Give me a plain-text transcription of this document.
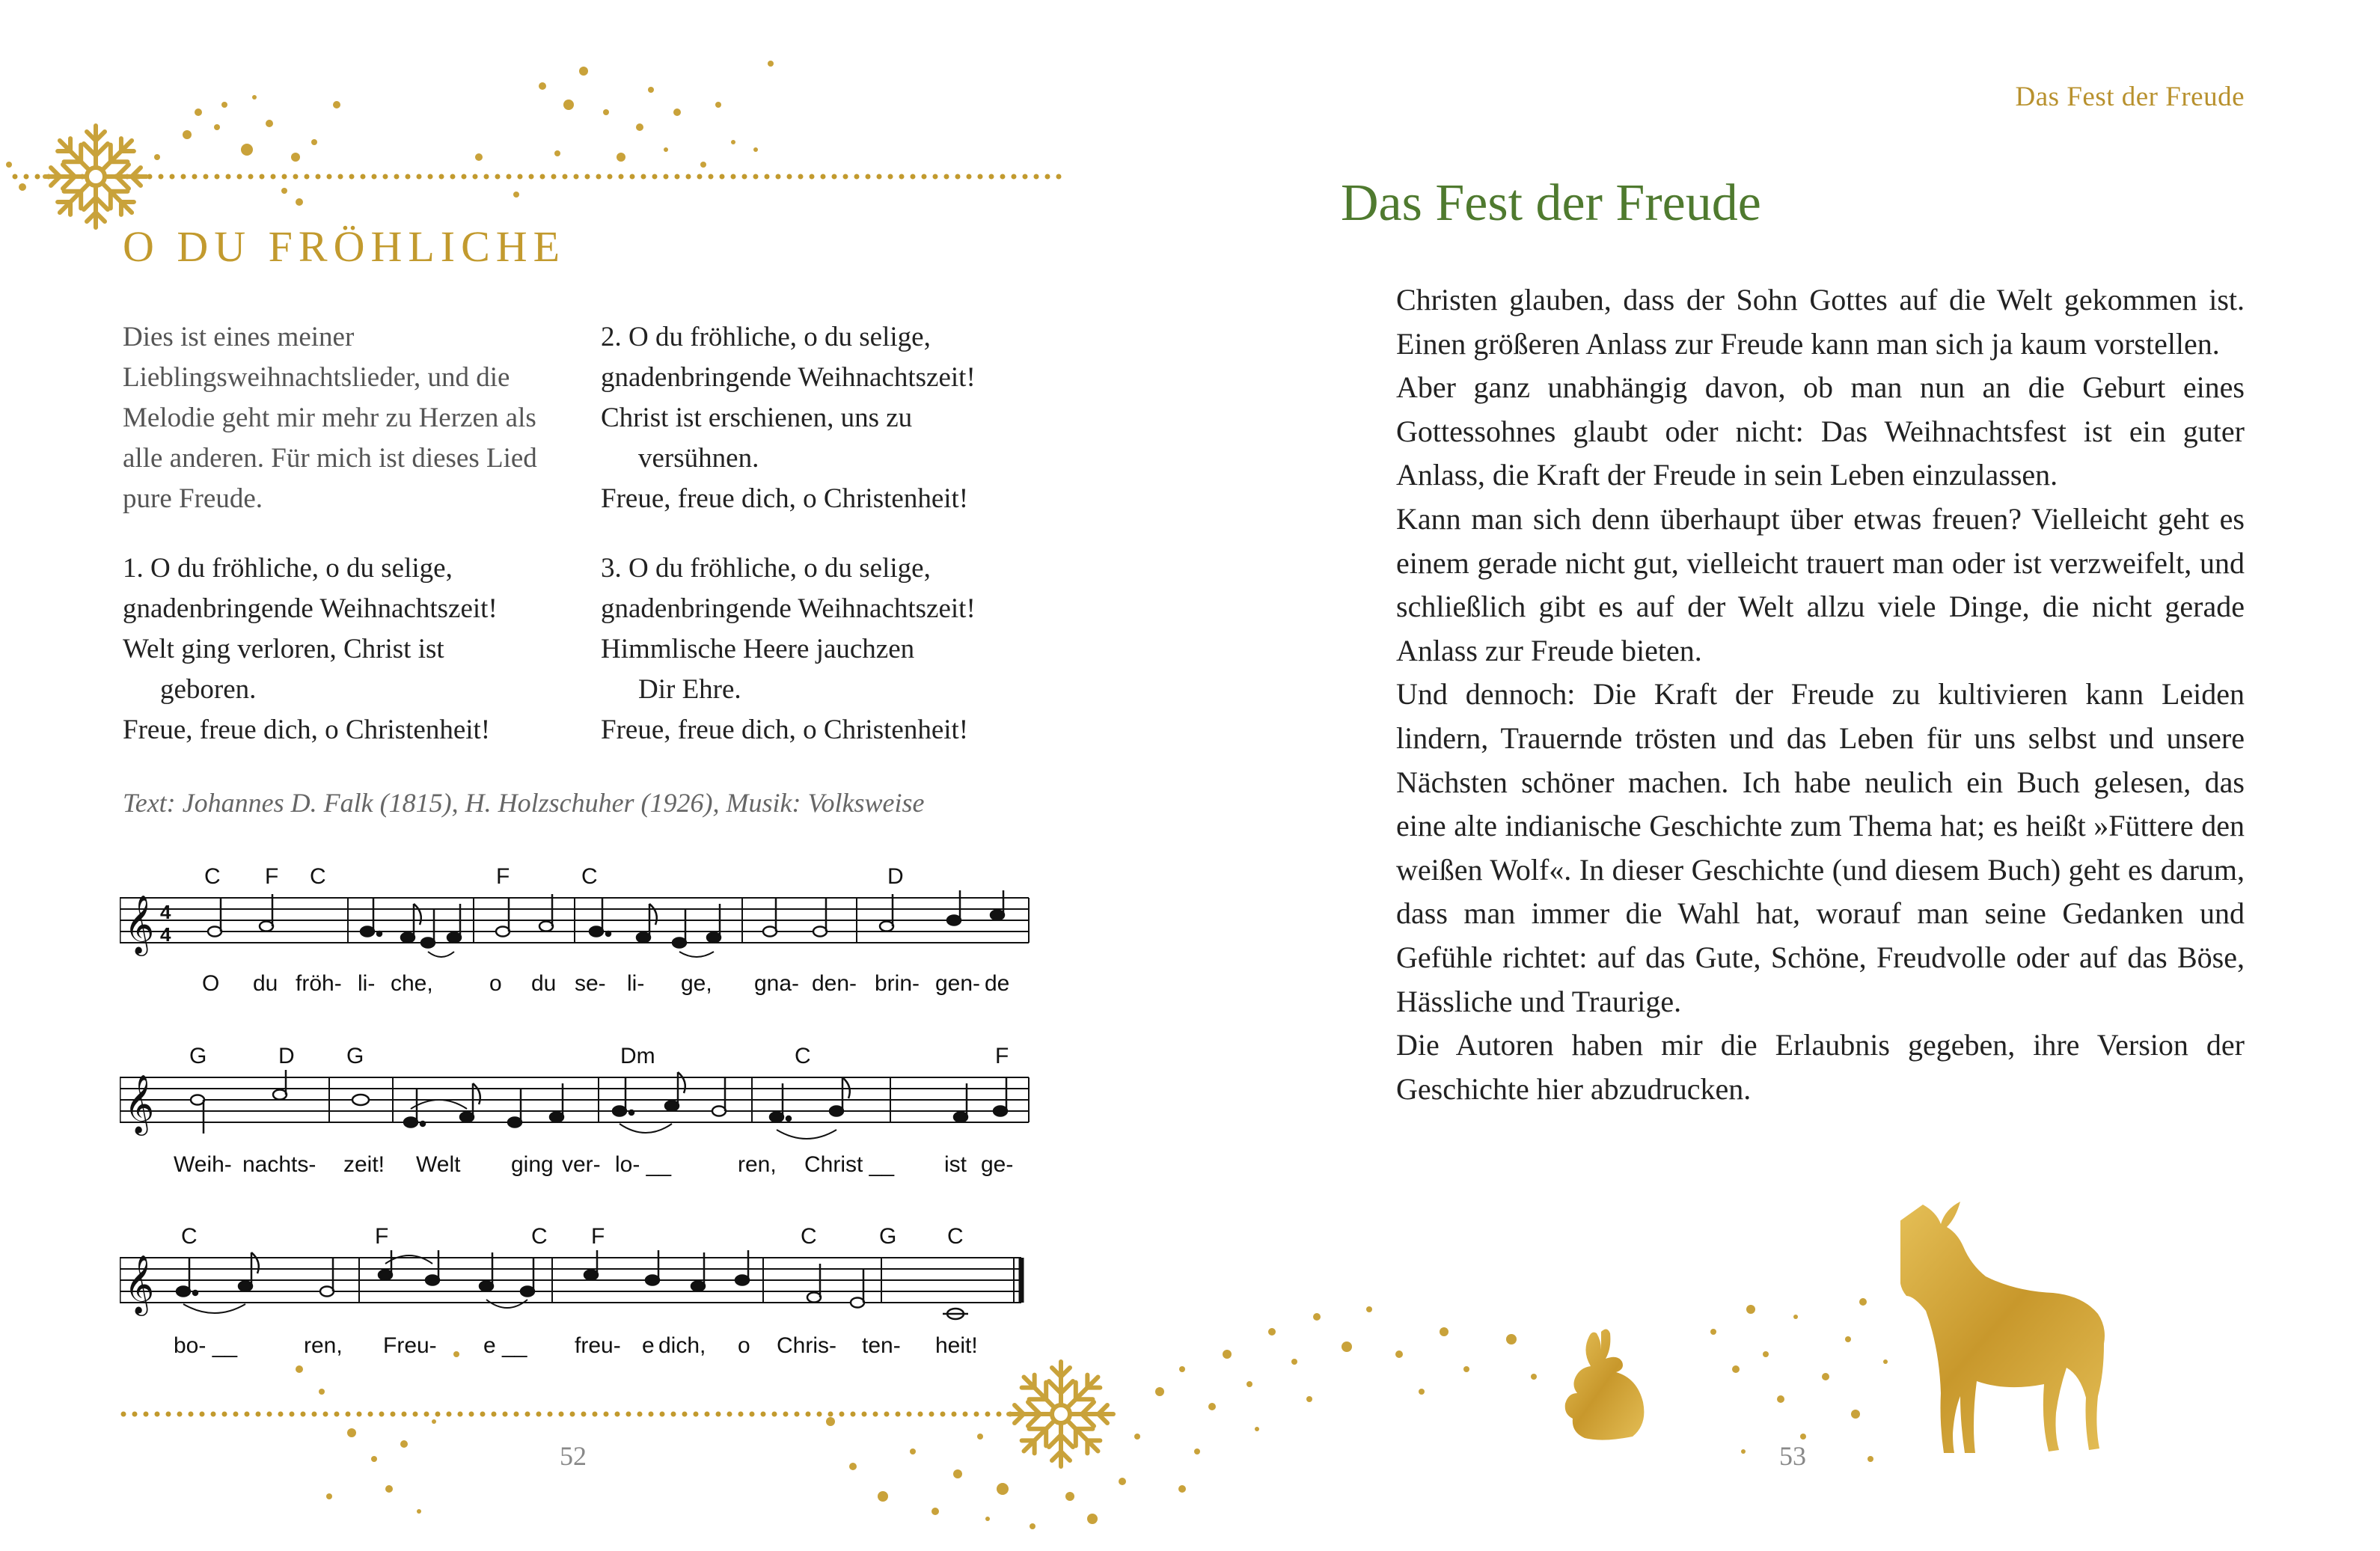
O DU FRÖHLICHE
Dies ist eines meiner Lieblingsweihnachtslieder, und die Melodie geht mir mehr zu Herzen als alle anderen. Für mich ist dieses Lied pure Freude.
2. O du fröhliche, o du selige,
gnadenbringende Weihnachtszeit!
Christ ist erschienen, uns zu
versühnen.
Freue, freue dich, o Christenheit!
1. O du fröhliche, o du selige,
gnadenbringende Weihnachtszeit!
Welt ging verloren, Christ ist
geboren.
Freue, freue dich, o Christenheit!
3. O du fröhliche, o du selige,
gnadenbringende Weihnachtszeit!
Himmlische Heere jauchzen
Dir Ehre.
Freue, freue dich, o Christenheit!
Text: Johannes D. Falk (1815), H. Holzschuher (1926), Musik: Volksweise
C F C	F	C	D
𝄞 4
4
O du fröh- li- che,	o du se- li- ge, gna- den- brin- gen- de
G	D G	Dm	C	F
𝄞
Weih- nachts- zeit! Welt ging ver- lo- __	ren, Christ __ ist ge-
C	F	C F	C	G C
𝄞
bo- __	ren, Freu- e __ freu- e dich, o Chris- ten- heit!
52
Das Fest der Freude
Das Fest der Freude

Christen glauben, dass der Sohn Gottes auf die Welt gekommen ist. Einen größeren Anlass zur Freude kann man sich ja kaum vorstellen.

Aber ganz unabhängig davon, ob man nun an die Geburt eines Gottessohnes glaubt oder nicht: Das Weihnachtsfest ist ein guter Anlass, die Kraft der Freude in sein Leben einzulassen.

Kann man sich denn überhaupt über etwas freuen? Vielleicht geht es einem gerade nicht gut, vielleicht trauert man oder ist verzweifelt, und schließlich gibt es auf der Welt allzu viele Dinge, die nicht gerade Anlass zur Freude bieten.

Und dennoch: Die Kraft der Freude zu kultivieren kann Leiden lindern, Trauernde trösten und das Leben für uns selbst und unsere Nächsten schöner machen. Ich habe neulich ein Buch gelesen, das eine alte indianische Geschichte zum Thema hat; es heißt »Füttere den weißen Wolf«. In dieser Geschichte (und diesem Buch) geht es darum, dass man immer die Wahl hat, worauf man seine Gedanken und Gefühle richtet: auf das Gute, Schöne, Freudvolle oder auf das Böse, Hässliche und Traurige.

Die Autoren haben mir die Erlaubnis gegeben, ihre Version der Geschichte hier abzudrucken.

53
